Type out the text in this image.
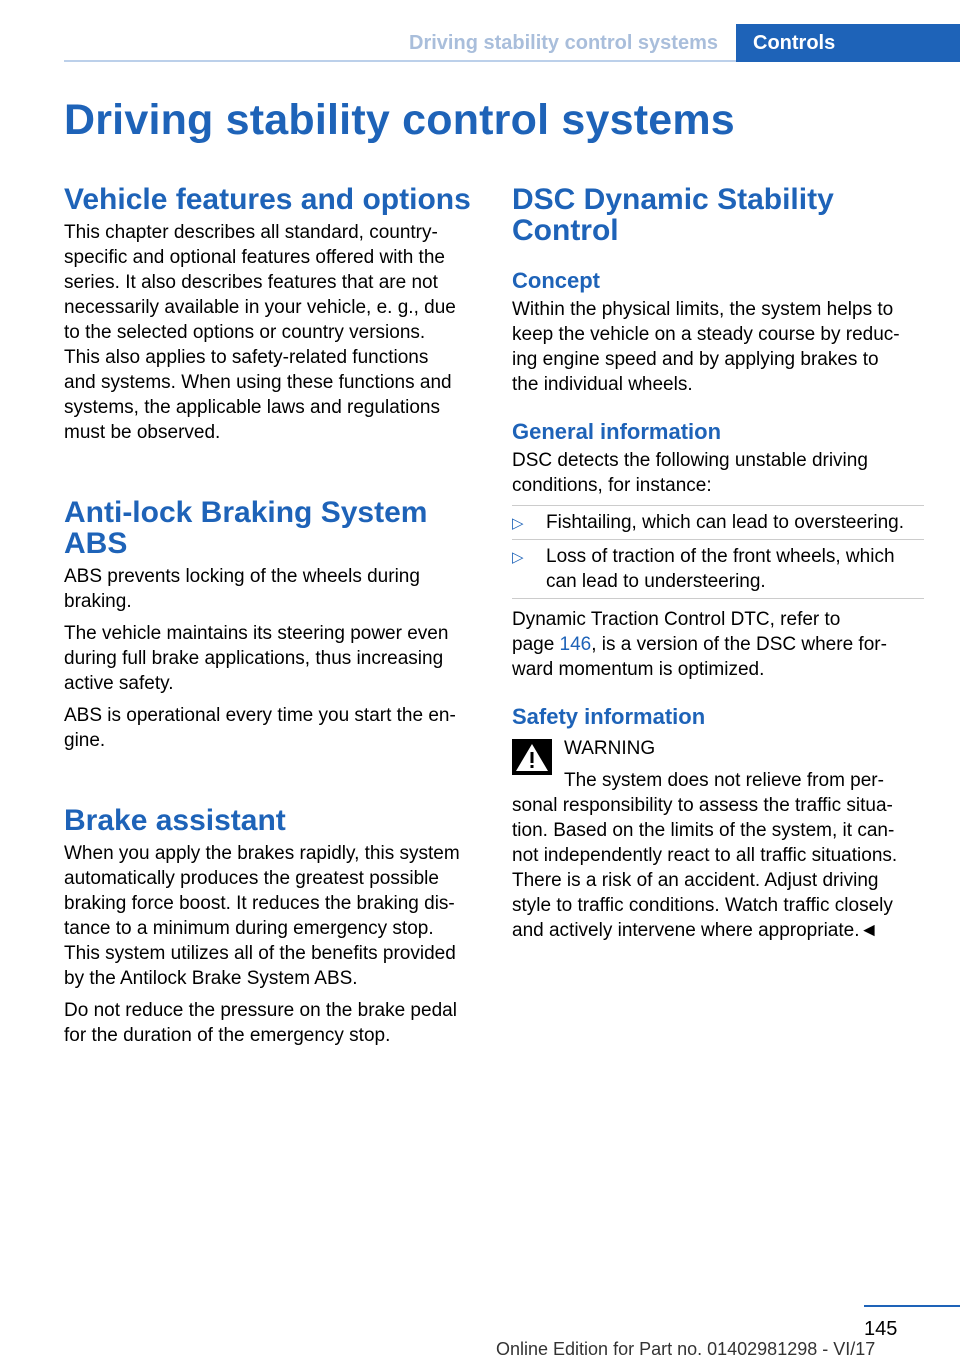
Driving stability control systems	Controls
Driving stability control systems
Vehicle features and options

This chapter describes all standard, country-
specific and optional features offered with the
series. It also describes features that are not
necessarily available in your vehicle, e. g., due
to the selected options or country versions.
This also applies to safety-related functions
and systems. When using these functions and
systems, the applicable laws and regulations
must be observed.

Anti-lock Braking System
ABS

ABS prevents locking of the wheels during
braking.

The vehicle maintains its steering power even
during full brake applications, thus increasing
active safety.

ABS is operational every time you start the en-
gine.

Brake assistant

When you apply the brakes rapidly, this system
automatically produces the greatest possible
braking force boost. It reduces the braking dis-
tance to a minimum during emergency stop.
This system utilizes all of the benefits provided
by the Antilock Brake System ABS.

Do not reduce the pressure on the brake pedal
for the duration of the emergency stop.

DSC Dynamic Stability
Control
Concept

Within the physical limits, the system helps to
keep the vehicle on a steady course by reduc-
ing engine speed and by applying brakes to
the individual wheels.

General information

DSC detects the following unstable driving
conditions, for instance:

▷ Fishtailing, which can lead to oversteering.
▷ Loss of traction of the front wheels, which
can lead to understeering.

Dynamic Traction Control DTC, refer to
page 146, is a version of the DSC where for-
ward momentum is optimized.

Safety information
WARNING

The system does not relieve from per-
sonal responsibility to assess the traffic situa-
tion. Based on the limits of the system, it can-
not independently react to all traffic situations.
There is a risk of an accident. Adjust driving
style to traffic conditions. Watch traffic closely
and actively intervene where appropriate.◄

145
Online Edition for Part no. 01402981298 - VI/17
